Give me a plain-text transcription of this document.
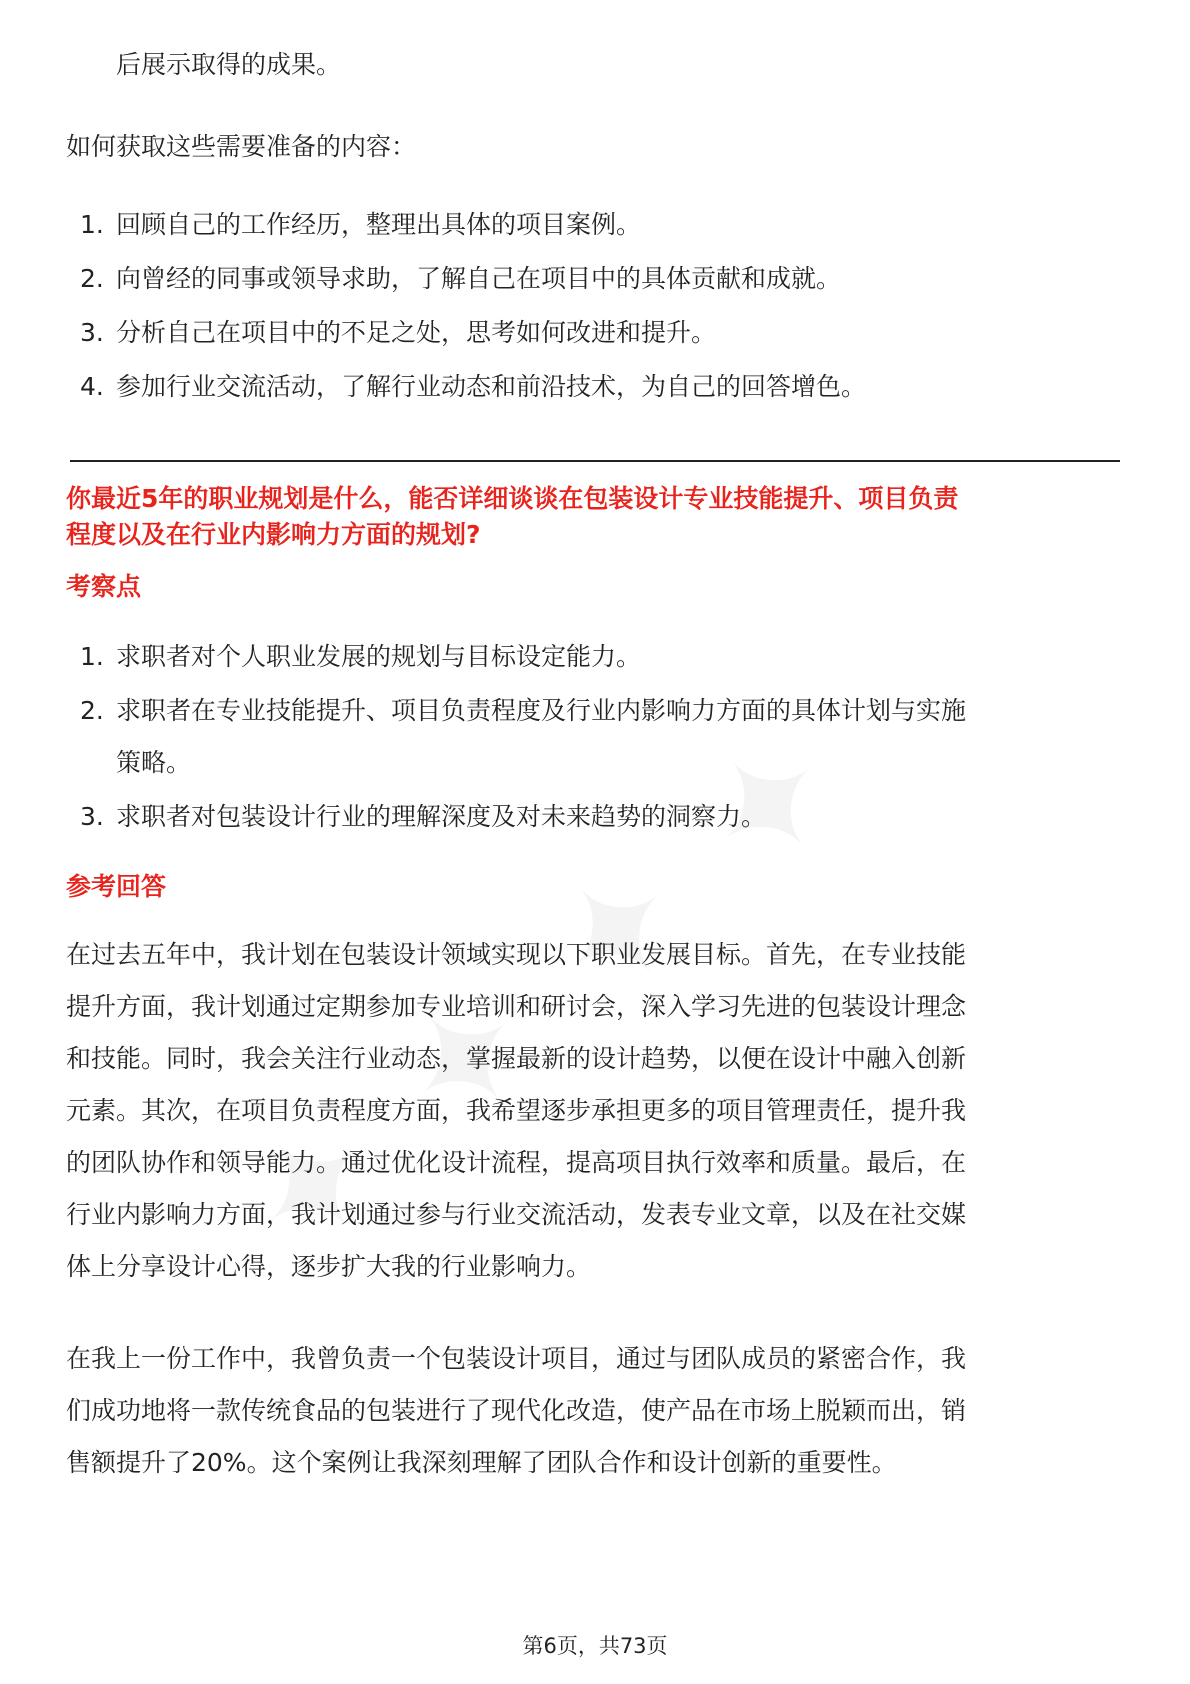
后展示取得的成果。
如何获取这些需要准备的内容：
1. 回顾自己的工作经历，整理出具体的项目案例。
2. 向曾经的同事或领导求助，了解自己在项目中的具体贡献和成就。
3. 分析自己在项目中的不足之处，思考如何改进和提升。
4. 参加行业交流活动，了解行业动态和前沿技术，为自己的回答增色。
你最近5年的职业规划是什么，能否详细谈谈在包装设计专业技能提升、项目负责
程度以及在行业内影响力方面的规划?
考察点
1. 求职者对个人职业发展的规划与目标设定能力。
2. 求职者在专业技能提升、项目负责程度及行业内影响力方面的具体计划与实施
策略。
3. 求职者对包装设计行业的理解深度及对未来趋势的洞察力。
参考回答
在过去五年中，我计划在包装设计领域实现以下职业发展目标。首先，在专业技能
提升方面，我计划通过定期参加专业培训和研讨会，深入学习先进的包装设计理念
和技能。同时，我会关注行业动态，掌握最新的设计趋势，以便在设计中融入创新
元素。其次，在项目负责程度方面，我希望逐步承担更多的项目管理责任，提升我
的团队协作和领导能力。通过优化设计流程，提高项目执行效率和质量。最后，在
行业内影响力方面，我计划通过参与行业交流活动，发表专业文章，以及在社交媒
体上分享设计心得，逐步扩大我的行业影响力。
在我上一份工作中，我曾负责一个包装设计项目，通过与团队成员的紧密合作，我
们成功地将一款传统食品的包装进行了现代化改造，使产品在市场上脱颖而出，销
售额提升了20%。这个案例让我深刻理解了团队合作和设计创新的重要性。
第6页，共73页
